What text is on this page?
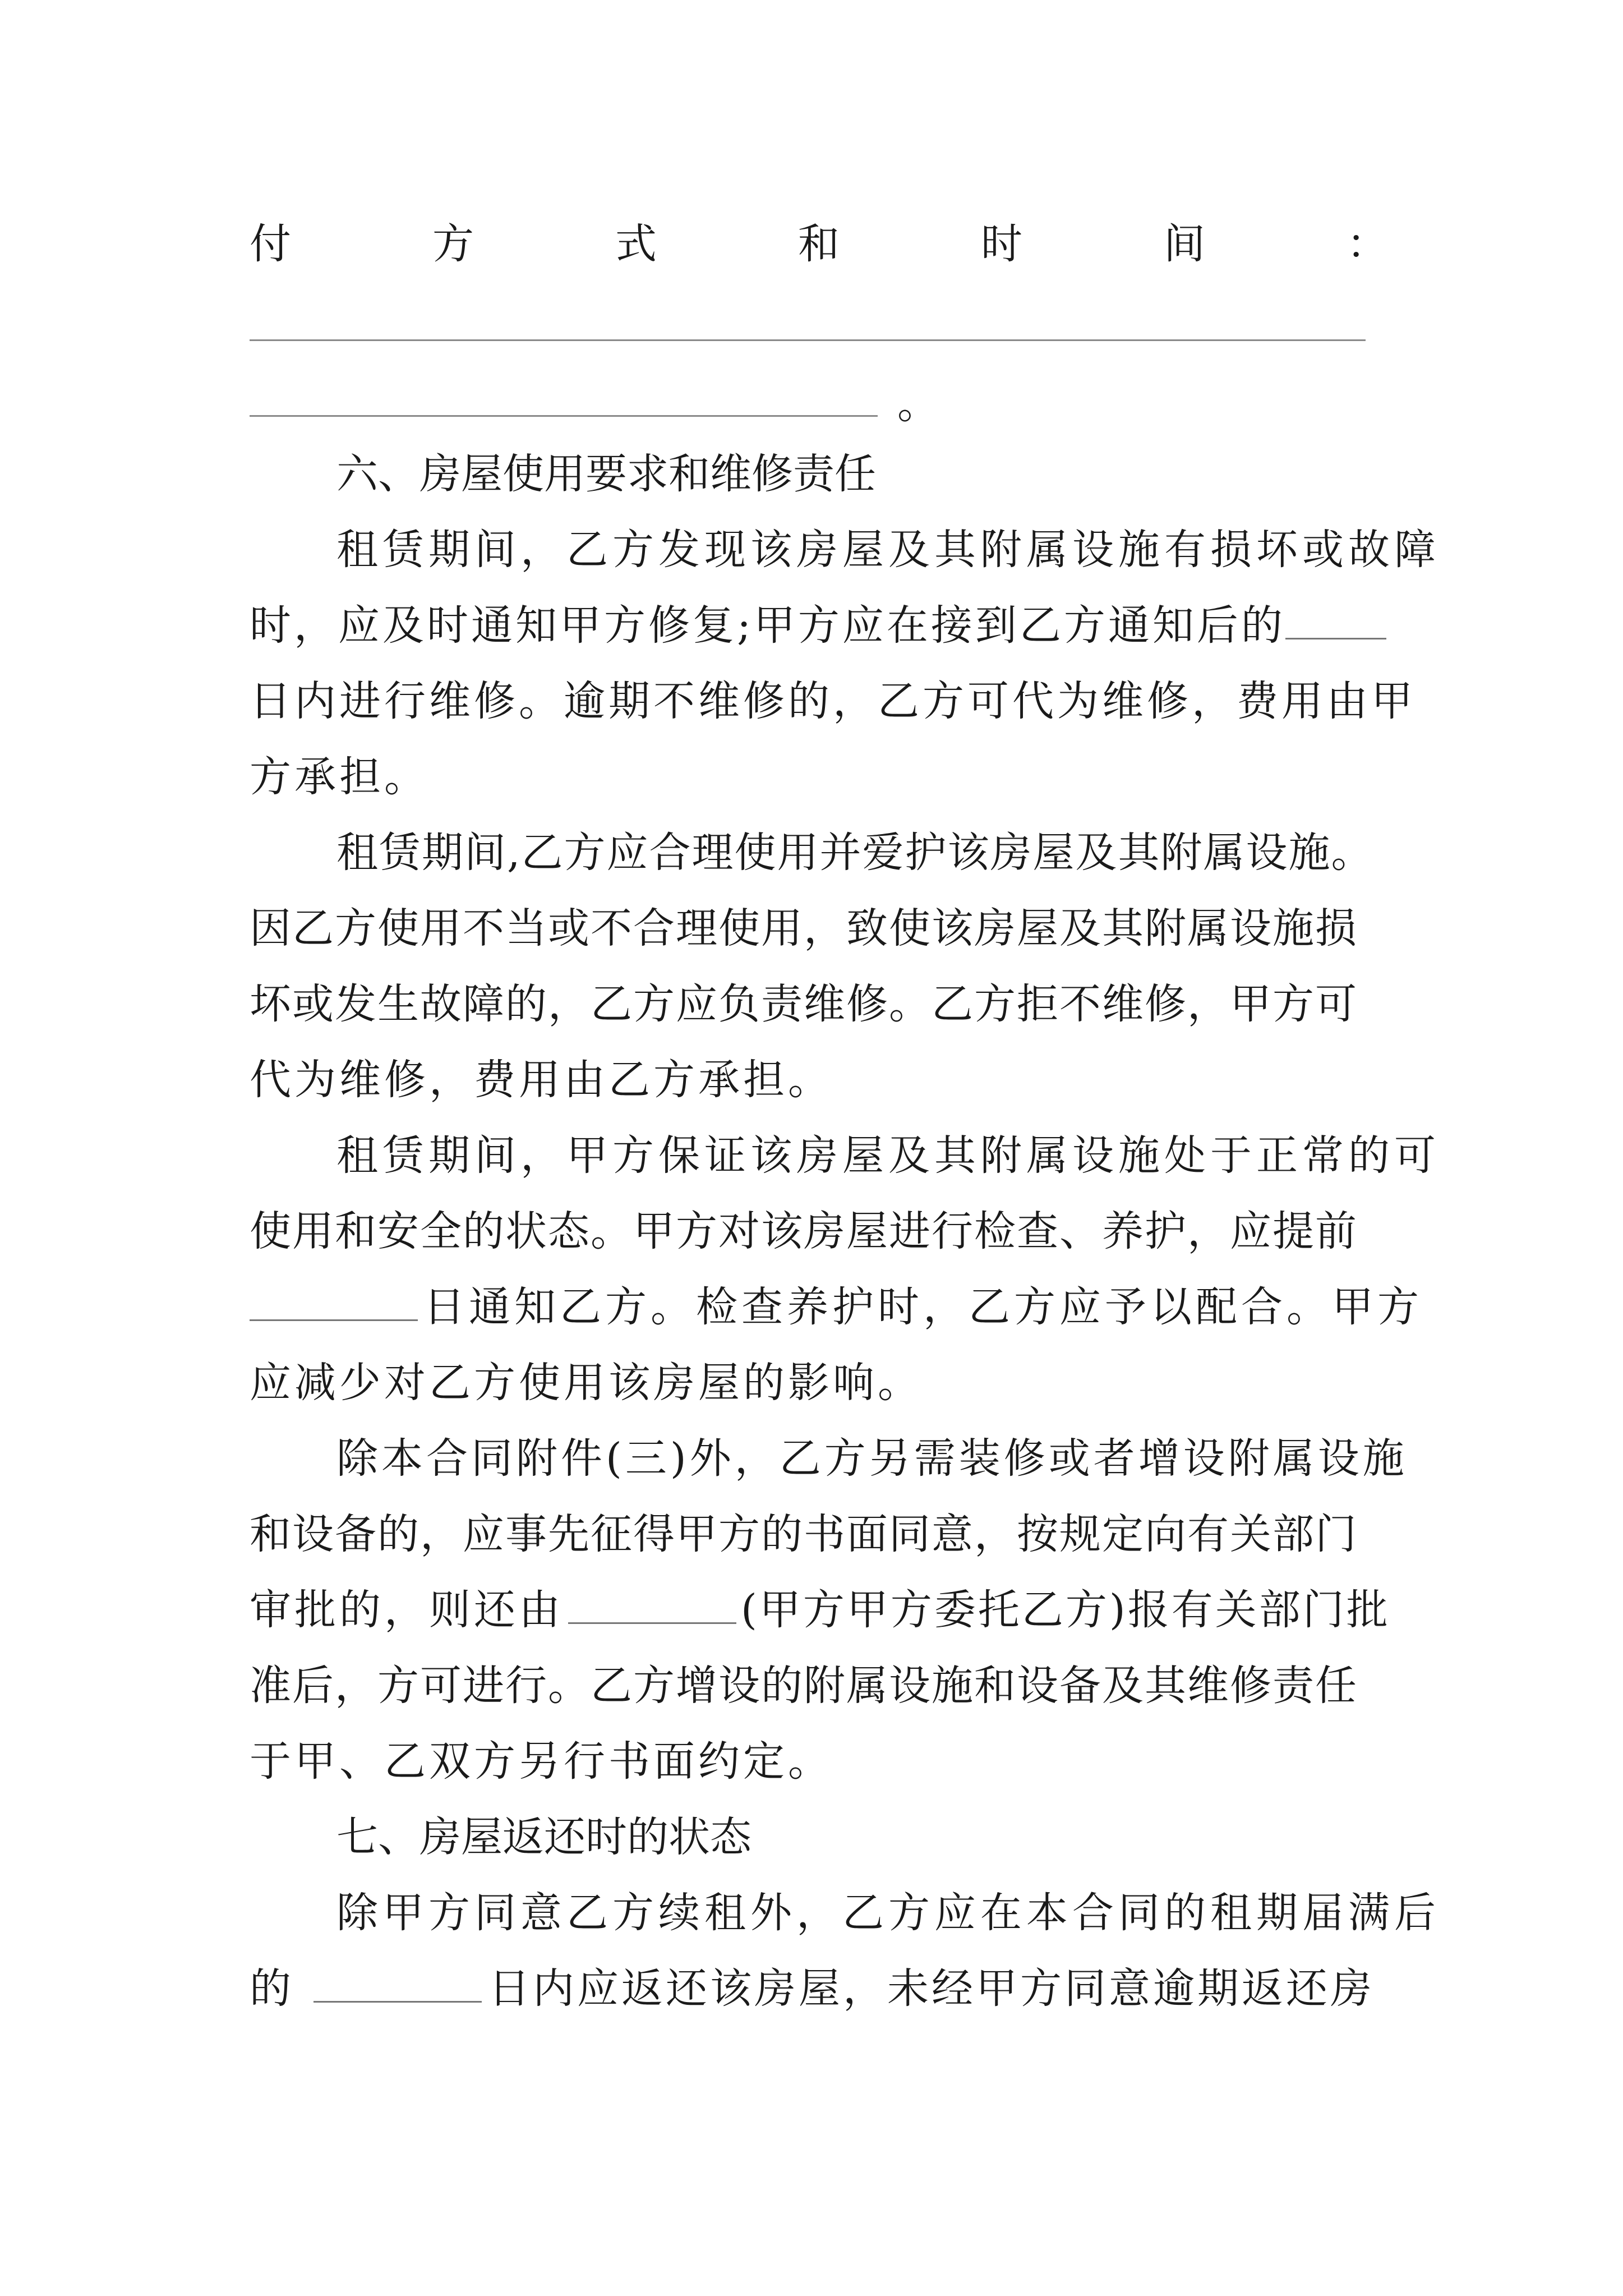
付	方	式	和	时	间	：
。
六、房屋使用要求和维修责任
租赁期间，乙方发现该房屋及其附属设施有损坏或故障
时，应及时通知甲方修复;甲方应在接到乙方通知后的
日内进行维修。逾期不维修的，乙方可代为维修，费用由甲
方承担。
租赁期间,乙方应合理使用并爱护该房屋及其附属设施。
因乙方使用不当或不合理使用，致使该房屋及其附属设施损
坏或发生故障的，乙方应负责维修。乙方拒不维修，甲方可
代为维修，费用由乙方承担。
租赁期间，甲方保证该房屋及其附属设施处于正常的可
使用和安全的状态。甲方对该房屋进行检查、养护，应提前
日通知乙方。检查养护时，乙方应予以配合。甲方
应减少对乙方使用该房屋的影响。
除本合同附件(三)外，乙方另需装修或者增设附属设施
和设备的，应事先征得甲方的书面同意，按规定向有关部门
审批的，则还由	(甲方甲方委托乙方)报有关部门批
准后，方可进行。乙方增设的附属设施和设备及其维修责任
于甲、乙双方另行书面约定。
七、房屋返还时的状态
除甲方同意乙方续租外，乙方应在本合同的租期届满后
的	日内应返还该房屋，未经甲方同意逾期返还房
